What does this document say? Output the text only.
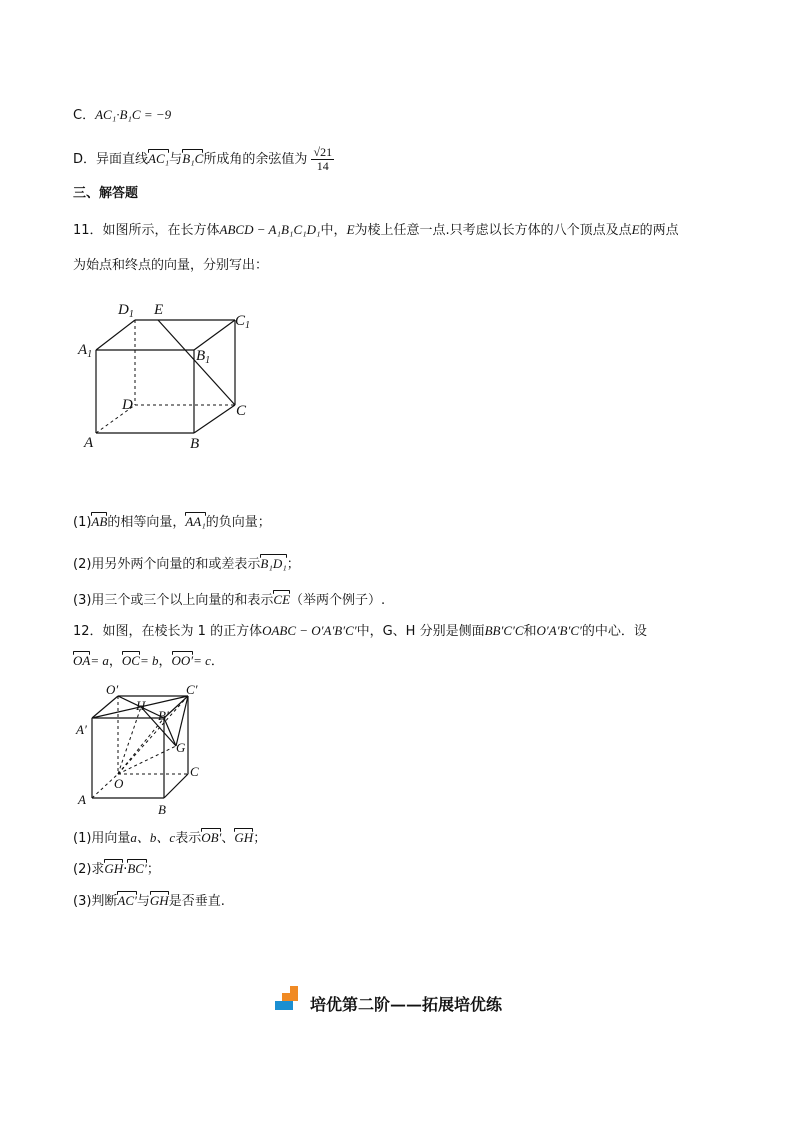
C．AC₁·B₁C = −9
D．异面直线AC₁与B₁C所成角的余弦值为 $\frac{√21}{14}$
三、解答题
11．如图所示，在长方体ABCD − A₁B₁C₁D₁中，E为棱上任意一点.只考虑以长方体的八个顶点及点E的两点
为始点和终点的向量，分别写出：
$D_1$ E
$C_1$
$A_1$	$B_1$
D	C
A	B
(1)AB的相等向量，AA₁的负向量；
(2)用另外两个向量的和或差表示B₁D₁；
(3)用三个或三个以上向量的和表示CE（举两个例子）.
12．如图，在棱长为 1 的正方体OABC − O′A′B′C′中，G、H 分别是侧面BB′C′C和O′A′B′C′的中心．设
OA= a，OC= b，OO′= c．
O′	C′
H
B′
A′
G
C
O
A
B
(1)用向量a、b、c表示OB′、GH；
(2)求GH·BC′；
(3)判断AC′与GH是否垂直.
培优第二阶——拓展培优练
